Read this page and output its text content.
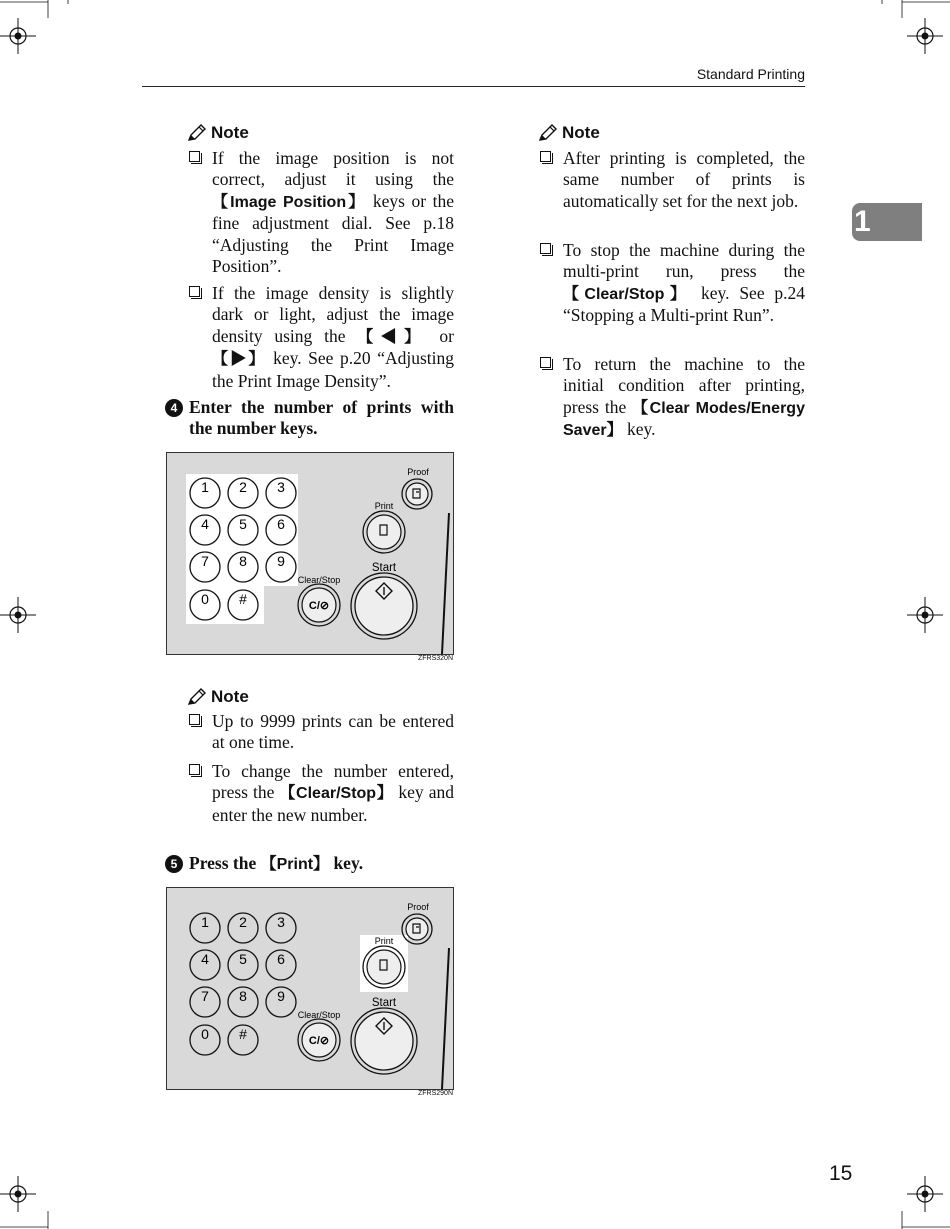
Standard Printing
1
Note
If the image position is not correct, adjust it using the 【Image Position】 keys or the fine adjustment dial. See p.18 “Adjusting the Print Image Position”.
If the image density is slightly dark or light, adjust the image density using the 【◀】 or 【▶】 key. See p.20 “Adjusting the Print Image Density”.
4 Enter the number of prints with the number keys.
1 2 3
4 5 6
7 8 9
0 #
Proof
Print
Start
Clear/Stop
C/⊘
ZFRS320N
Note
Up to 9999 prints can be entered at one time.
To change the number entered, press the 【Clear/Stop】 key and enter the new number.
5 Press the 【Print】 key.
1 2 3
4 5 6
7 8 9
0 #
Proof
Print
Start
Clear/Stop
C/⊘
ZFRS290N
Note
After printing is completed, the same number of prints is automatically set for the next job.
To stop the machine during the multi-print run, press the 【Clear/Stop】 key. See p.24 “Stopping a Multi-print Run”.
To return the machine to the initial condition after printing, press the 【Clear Modes/Energy Saver】 key.
15
